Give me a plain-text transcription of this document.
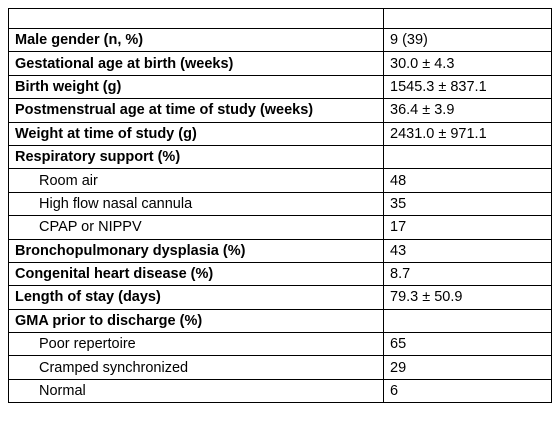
Male gender (n, %)	9 (39)
Gestational age at birth (weeks)	30.0 ± 4.3
Birth weight (g)	1545.3 ± 837.1
Postmenstrual age at time of study (weeks)	36.4 ± 3.9
Weight at time of study (g)	2431.0 ± 971.1
Respiratory support (%)	
Room air	48
High flow nasal cannula	35
CPAP or NIPPV	17
Bronchopulmonary dysplasia (%)	43
Congenital heart disease (%)	8.7
Length of stay (days)	79.3 ± 50.9
GMA prior to discharge (%)	
Poor repertoire	65
Cramped synchronized	29
Normal	6
